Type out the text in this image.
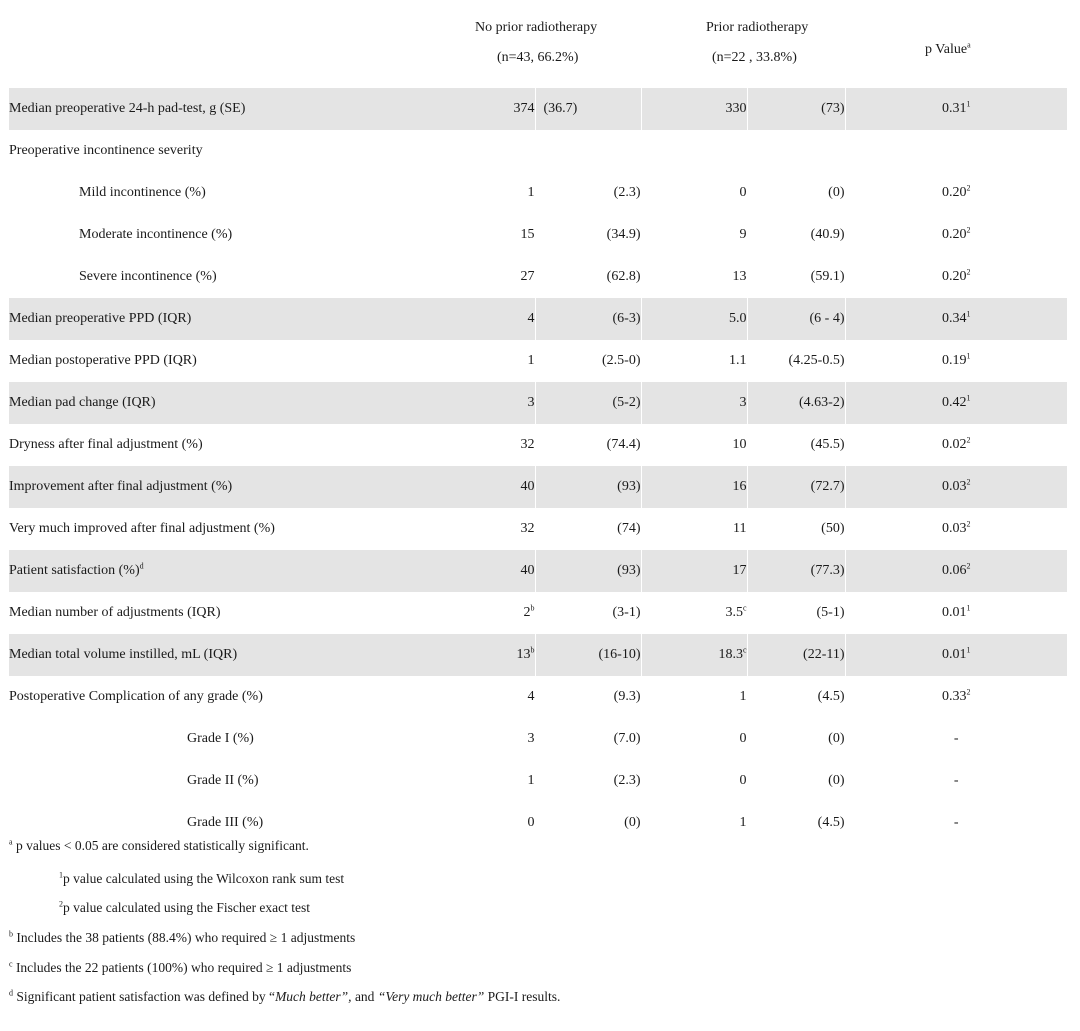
No prior radiotherapy
(n=43, 66.2%)
Prior radiotherapy
(n=22 , 33.8%)
p Value$^a$
Median preoperative 24-h pad-test, g (SE)	374	(36.7)	330	(73)	0.31$^1$
Preoperative incontinence severity					
Mild incontinence (%)	1	(2.3)	0	(0)	0.20$^2$
Moderate incontinence (%)	15	(34.9)	9	(40.9)	0.20$^2$
Severe incontinence (%)	27	(62.8)	13	(59.1)	0.20$^2$
Median preoperative PPD (IQR)	4	(6-3)	5.0	(6 - 4)	0.34$^1$
Median postoperative PPD (IQR)	1	(2.5-0)	1.1	(4.25-0.5)	0.19$^1$
Median pad change (IQR)	3	(5-2)	3	(4.63-2)	0.42$^1$
Dryness after final adjustment (%)	32	(74.4)	10	(45.5)	0.02$^2$
Improvement after final adjustment (%)	40	(93)	16	(72.7)	0.03$^2$
Very much improved after final adjustment (%)	32	(74)	11	(50)	0.03$^2$
Patient satisfaction (%)$^d$	40	(93)	17	(77.3)	0.06$^2$
Median number of adjustments (IQR)	2$^b$	(3-1)	3.5$^c$	(5-1)	0.01$^1$
Median total volume instilled, mL (IQR)	13$^b$	(16-10)	18.3$^c$	(22-11)	0.01$^1$
Postoperative Complication of any grade (%)	4	(9.3)	1	(4.5)	0.33$^2$
Grade I (%)	3	(7.0)	0	(0)	-
Grade II (%)	1	(2.3)	0	(0)	-
Grade III (%)	0	(0)	1	(4.5)	-
$^a$ p values < 0.05 are considered statistically significant.
$^1$p value calculated using the Wilcoxon rank sum test
$^2$p value calculated using the Fischer exact test
$^b$ Includes the 38 patients (88.4%) who required ≥ 1 adjustments
$^c$ Includes the 22 patients (100%) who required ≥ 1 adjustments
$^d$ Significant patient satisfaction was defined by “Much better”, and “Very much better” PGI-I results.
